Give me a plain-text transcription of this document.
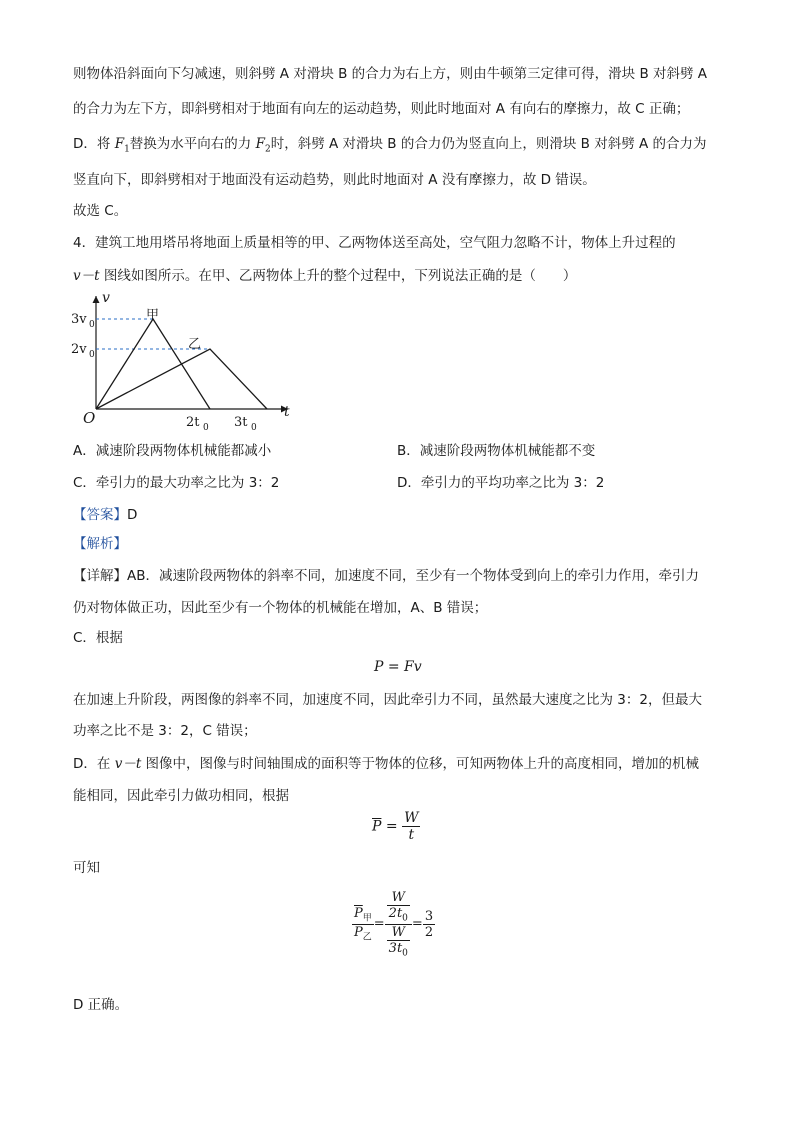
则物体沿斜面向下匀减速，则斜劈 A 对滑块 B 的合力为右上方，则由牛顿第三定律可得，滑块 B 对斜劈 A
的合力为左下方，即斜劈相对于地面有向左的运动趋势，则此时地面对 A 有向右的摩擦力，故 C 正确；
D．将 $F_1$替换为水平向右的力 $F_2$时，斜劈 A 对滑块 B 的合力仍为竖直向上，则滑块 B 对斜劈 A 的合力为
竖直向下，即斜劈相对于地面没有运动趋势，则此时地面对 A 没有摩擦力，故 D 错误。
故选 C。
4．建筑工地用塔吊将地面上质量相等的甲、乙两物体送至高处，空气阻力忽略不计，物体上升过程的
v－t 图线如图所示。在甲、乙两物体上升的整个过程中，下列说法正确的是（　　）
v
t
O
3v 0
2v 0
2t 0 3t 0
甲
乙
A．减速阶段两物体机械能都减小	B．减速阶段两物体机械能都不变
C．牵引力的最大功率之比为 3：2	D．牵引力的平均功率之比为 3：2
【答案】D
【解析】
【详解】AB．减速阶段两物体的斜率不同，加速度不同，至少有一个物体受到向上的牵引力作用，牵引力
仍对物体做正功，因此至少有一个物体的机械能在增加，A、B 错误；
C．根据
P = Fv
在加速上升阶段，两图像的斜率不同，加速度不同，因此牵引力不同，虽然最大速度之比为 3：2，但最大
功率之比不是 3：2，C 错误；
D．在 v－t 图像中，图像与时间轴围成的面积等于物体的位移，可知两物体上升的高度相同，增加的机械
能相同，因此牵引力做功相同，根据
$\overline{P} = \frac{W}{t}$
可知
$\frac{\overline{P}_甲}{\overline{P}_乙} = \frac{\frac{W}{2t_0}}{\frac{W}{3t_0}} = \frac{3}{2}$
D 正确。
